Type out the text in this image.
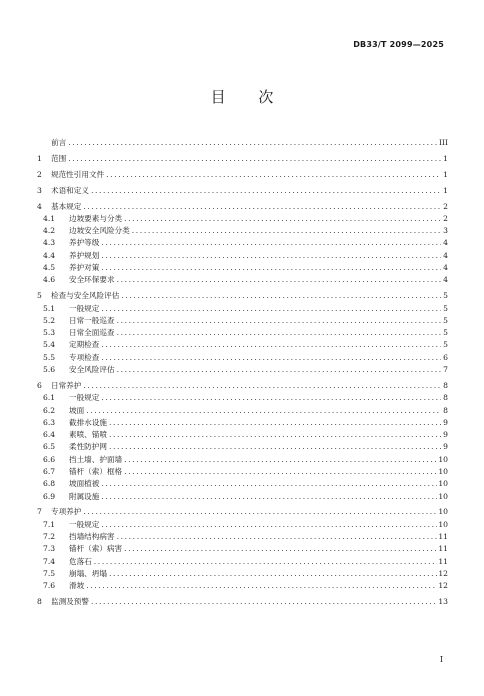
DB33/T 2099—2025
目 次
前言 . . .	III
1	范围 . . .	1
2	规范性引用文件 . . .	1
3	术语和定义 . . .	1
4	基本规定 . . .	2
4.1	边坡要素与分类 . . .	2
4.2	边坡安全风险分类 . . .	3
4.3	养护等级 . . .	4
4.4	养护规划 . . .	4
4.5	养护对策 . . .	4
4.6	安全环保要求 . . .	4
5	检查与安全风险评估 . . .	5
5.1	一般规定 . . .	5
5.2	日常一般巡查 . . .	5
5.3	日常全面巡查 . . .	5
5.4	定期检查 . . .	5
5.5	专项检查 . . .	6
5.6	安全风险评估 . . .	7
6	日常养护 . . .	8
6.1	一般规定 . . .	8
6.2	坡面 . . .	8
6.3	截排水设施 . . .	9
6.4	素喷、锚喷 . . .	9
6.5	柔性防护网 . . .	9
6.6	挡土墙、护面墙 . . .	10
6.7	锚杆（索）框格 . . .	10
6.8	坡面植被 . . .	10
6.9	附属设施 . . .	10
7	专项养护 . . .	10
7.1	一般规定 . . .	10
7.2	挡墙结构病害 . . .	11
7.3	锚杆（索）病害 . . .	11
7.4	危落石 . . .	11
7.5	崩塌、坍塌 . . .	12
7.6	滑坡 . . .	12
8	监测及预警 . . .	13
I
